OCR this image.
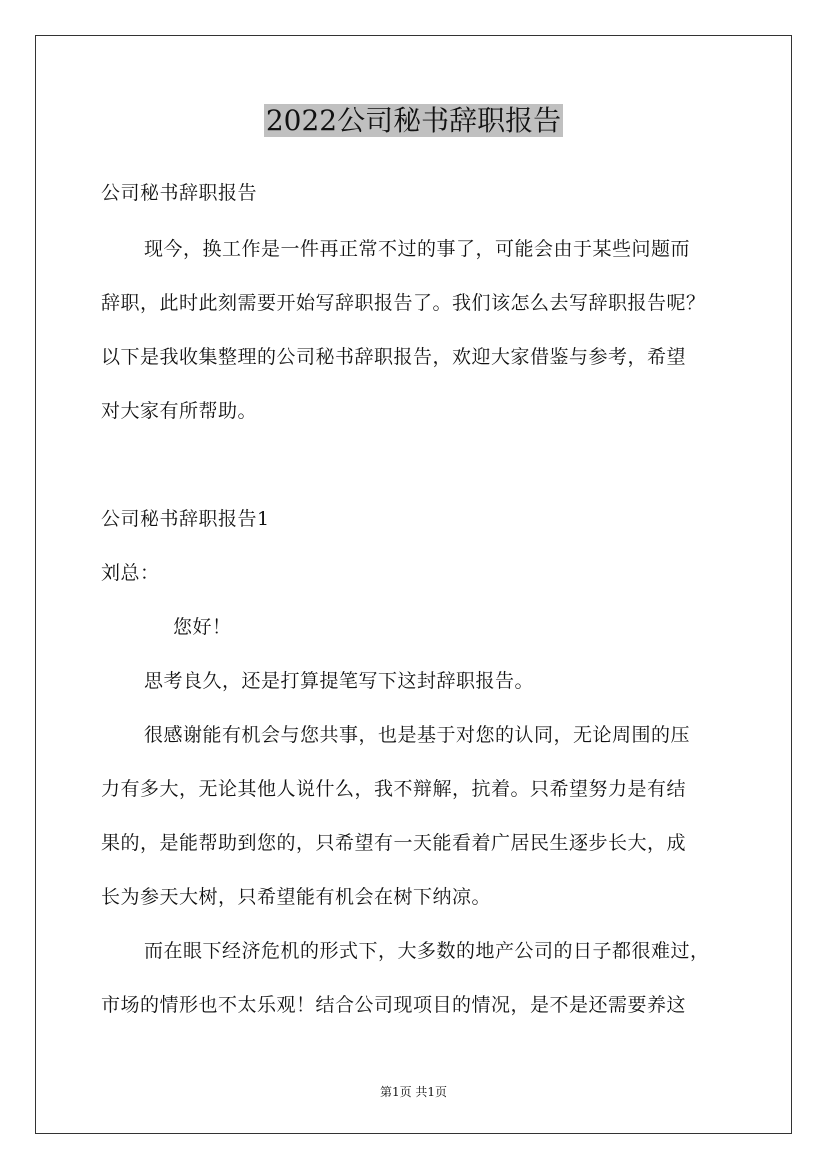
2022公司秘书辞职报告
公司秘书辞职报告
现今，换工作是一件再正常不过的事了，可能会由于某些问题而
辞职，此时此刻需要开始写辞职报告了。我们该怎么去写辞职报告呢？
以下是我收集整理的公司秘书辞职报告，欢迎大家借鉴与参考，希望
对大家有所帮助。
公司秘书辞职报告1
刘总：
您好！
思考良久，还是打算提笔写下这封辞职报告。
很感谢能有机会与您共事，也是基于对您的认同，无论周围的压
力有多大，无论其他人说什么，我不辩解，抗着。只希望努力是有结
果的，是能帮助到您的，只希望有一天能看着广居民生逐步长大，成
长为参天大树，只希望能有机会在树下纳凉。
而在眼下经济危机的形式下，大多数的地产公司的日子都很难过，
市场的情形也不太乐观！结合公司现项目的情况，是不是还需要养这
第1页 共1页
